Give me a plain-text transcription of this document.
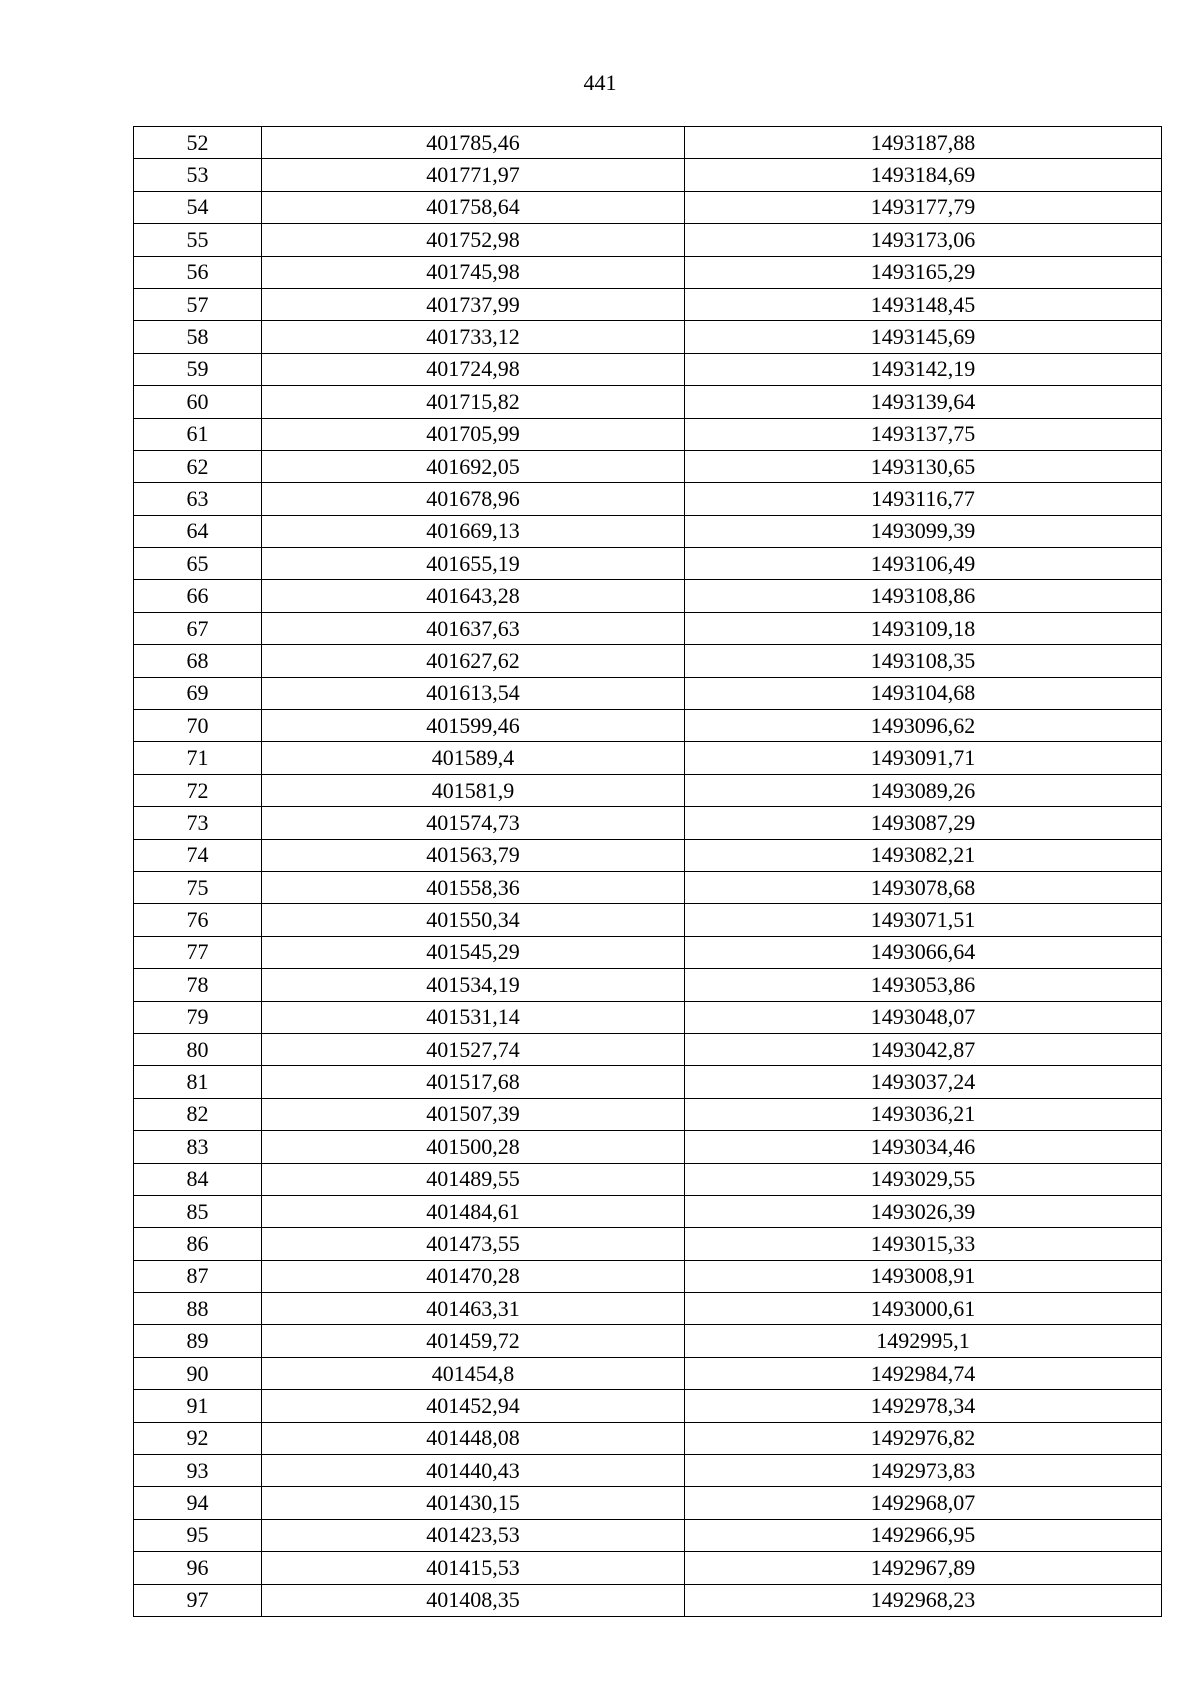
441
52	401785,46	1493187,88
53	401771,97	1493184,69
54	401758,64	1493177,79
55	401752,98	1493173,06
56	401745,98	1493165,29
57	401737,99	1493148,45
58	401733,12	1493145,69
59	401724,98	1493142,19
60	401715,82	1493139,64
61	401705,99	1493137,75
62	401692,05	1493130,65
63	401678,96	1493116,77
64	401669,13	1493099,39
65	401655,19	1493106,49
66	401643,28	1493108,86
67	401637,63	1493109,18
68	401627,62	1493108,35
69	401613,54	1493104,68
70	401599,46	1493096,62
71	401589,4	1493091,71
72	401581,9	1493089,26
73	401574,73	1493087,29
74	401563,79	1493082,21
75	401558,36	1493078,68
76	401550,34	1493071,51
77	401545,29	1493066,64
78	401534,19	1493053,86
79	401531,14	1493048,07
80	401527,74	1493042,87
81	401517,68	1493037,24
82	401507,39	1493036,21
83	401500,28	1493034,46
84	401489,55	1493029,55
85	401484,61	1493026,39
86	401473,55	1493015,33
87	401470,28	1493008,91
88	401463,31	1493000,61
89	401459,72	1492995,1
90	401454,8	1492984,74
91	401452,94	1492978,34
92	401448,08	1492976,82
93	401440,43	1492973,83
94	401430,15	1492968,07
95	401423,53	1492966,95
96	401415,53	1492967,89
97	401408,35	1492968,23
